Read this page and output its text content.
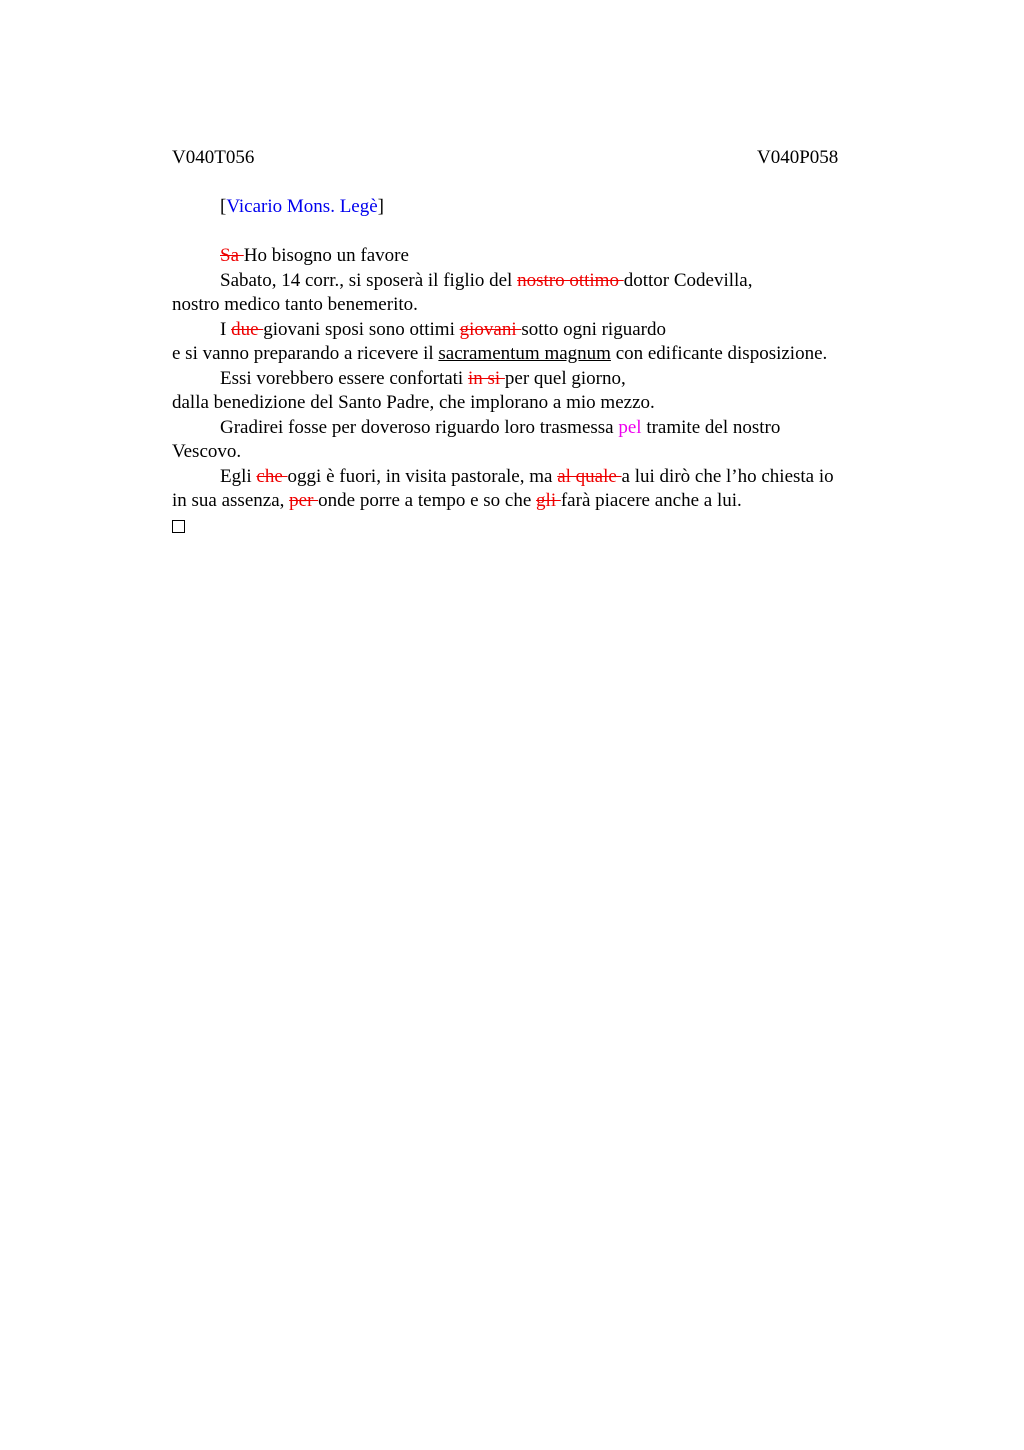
V040T056	V040P058
[Vicario Mons. Legè]
Sa Ho bisogno un favore
Sabato, 14 corr., si sposerà il figlio del nostro ottimo dottor Codevilla,
nostro medico tanto benemerito.
I due giovani sposi sono ottimi giovani sotto ogni riguardo
e si vanno preparando a ricevere il sacramentum magnum con edificante disposizione.
Essi vorebbero essere confortati in si per quel giorno,
dalla benedizione del Santo Padre, che implorano a mio mezzo.
Gradirei fosse per doveroso riguardo loro trasmessa pel tramite del nostro
Vescovo.
Egli che oggi è fuori, in visita pastorale, ma al quale a lui dirò che l’ho chiesta io
in sua assenza, per onde porre a tempo e so che gli farà piacere anche a lui.
